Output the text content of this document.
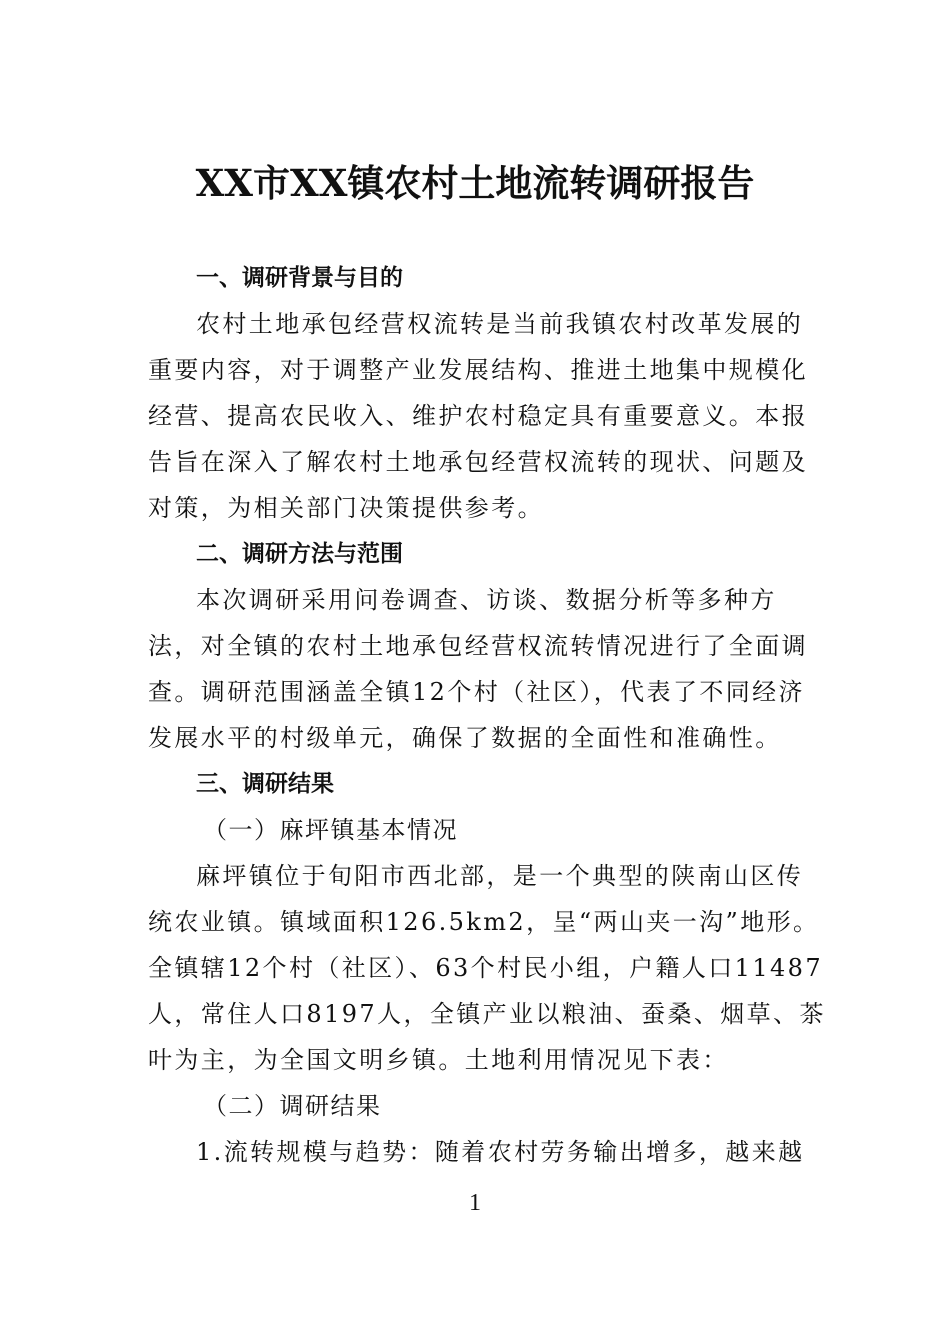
XX市XX镇农村土地流转调研报告

一、调研背景与目的

农村土地承包经营权流转是当前我镇农村改革发展的

重要内容，对于调整产业发展结构、推进土地集中规模化

经营、提高农民收入、维护农村稳定具有重要意义。本报

告旨在深入了解农村土地承包经营权流转的现状、问题及

对策，为相关部门决策提供参考。

二、调研方法与范围

本次调研采用问卷调查、访谈、数据分析等多种方

法，对全镇的农村土地承包经营权流转情况进行了全面调

查。调研范围涵盖全镇12个村（社区），代表了不同经济

发展水平的村级单元，确保了数据的全面性和准确性。

三、调研结果

（一）麻坪镇基本情况

麻坪镇位于旬阳市西北部，是一个典型的陕南山区传

统农业镇。镇域面积126.5km2，呈“两山夹一沟”地形。

全镇辖12个村（社区）、63个村民小组，户籍人口11487

人，常住人口8197人，全镇产业以粮油、蚕桑、烟草、茶

叶为主，为全国文明乡镇。土地利用情况见下表：

（二）调研结果

1.流转规模与趋势：随着农村劳务输出增多，越来越

1
